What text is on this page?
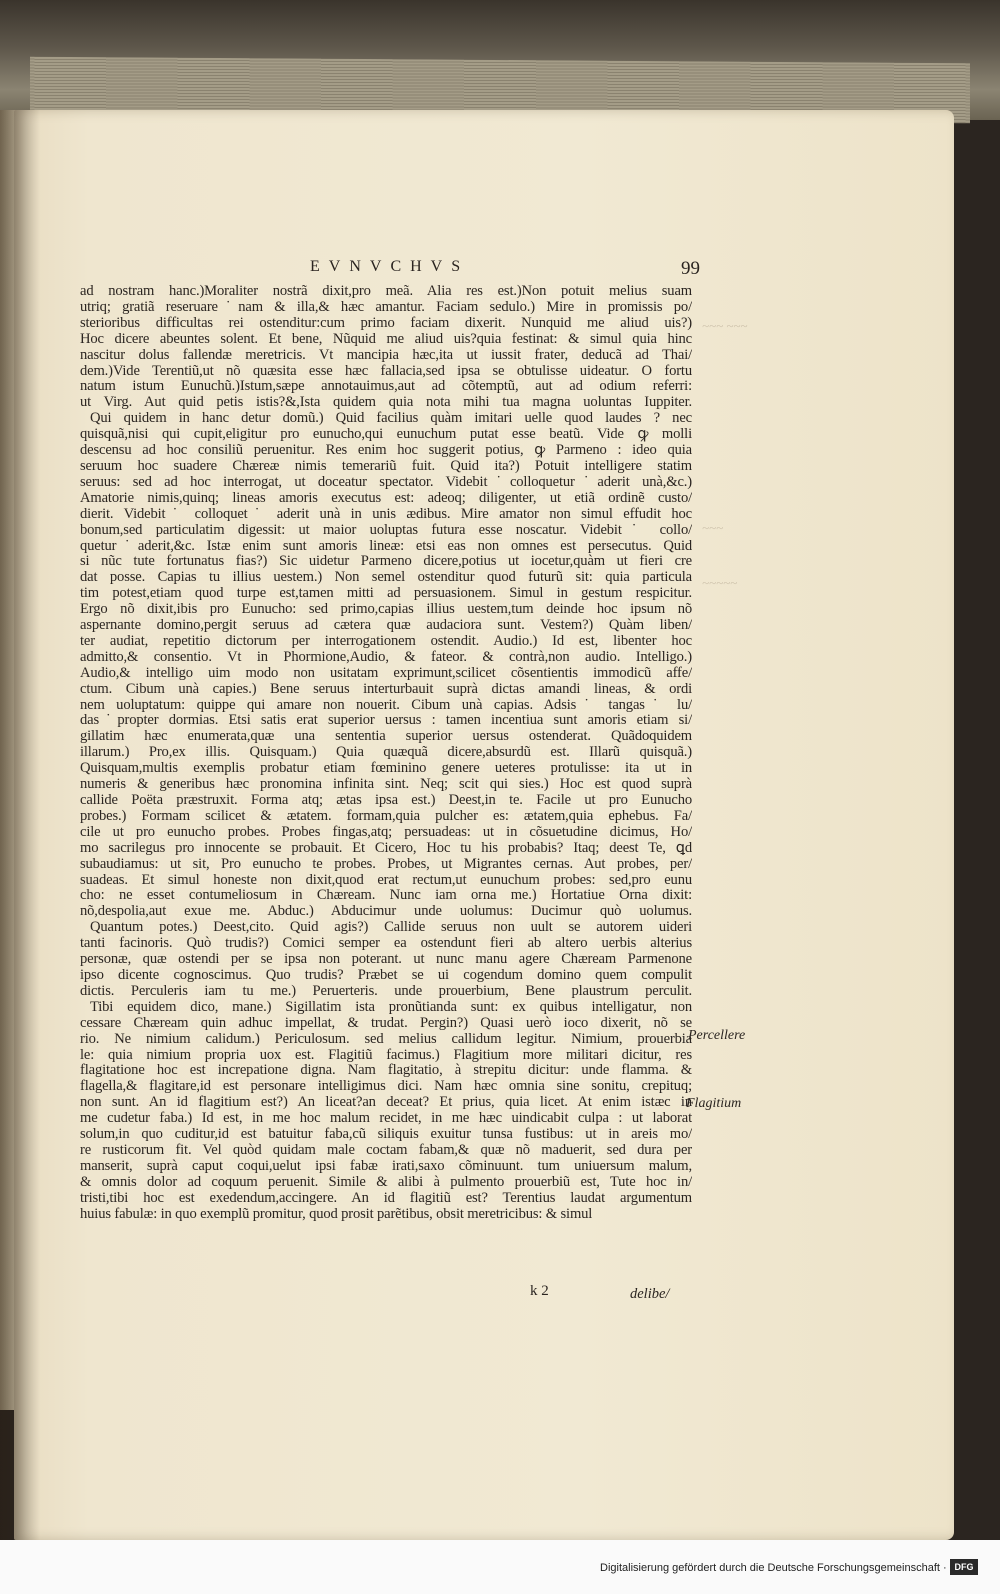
EVNVCHVS	99
ad nostram hanc.)Moraliter nostrã dixit,pro meã. Alia res est.)Non potuit melius suam
utriq; gratiã reseruare˙nam & illa,& hæc amantur. Faciam sedulo.) Mire in promissis po/
sterioribus difficultas rei ostenditur:cum primo faciam dixerit. Nunquid me aliud uis?)
Hoc dicere abeuntes solent. Et bene, Nũquid me aliud uis?quia festinat: & simul quia hinc
nascitur dolus fallendæ meretricis. Vt mancipia hæc,ita ut iussit frater, deducã ad Thai/
dem.)Vide Terentiũ,ut nõ quæsita esse hæc fallacia,sed ipsa se obtulisse uideatur. O fortu
natum istum Eunuchũ.)Istum,sæpe annotauimus,aut ad cõtemptũ, aut ad odium referri:
ut Virg. Aut quid petis istis?&,Ista quidem quia nota mihi tua magna uoluntas Iuppiter.
Qui quidem in hanc detur domũ.) Quid facilius quàm imitari uelle quod laudes ? nec
quisquã,nisi qui cupit,eligitur pro eunucho,qui eunuchum putat esse beatũ. Vide ꝙ molli
descensu ad hoc consiliũ peruenitur. Res enim hoc suggerit potius, ꝙ Parmeno : ideo quia
seruum hoc suadere Chæreæ nimis temerariũ fuit. Quid ita?) Potuit intelligere statim
seruus: sed ad hoc interrogat, ut doceatur spectator. Videbit˙colloquetur˙aderit unà,&c.)
Amatorie nimis,quinq; lineas amoris executus est: adeoq; diligenter, ut etiã ordinẽ custo/
dierit. Videbit˙ colloquet˙ aderit unà in unis ædibus. Mire amator non simul effudit hoc
bonum,sed particulatim digessit: ut maior uoluptas futura esse noscatur. Videbit˙ collo/
quetur˙aderit,&c. Istæ enim sunt amoris lineæ: etsi eas non omnes est persecutus. Quid
si nũc tute fortunatus fias?) Sic uidetur Parmeno dicere,potius ut iocetur,quàm ut fieri cre
dat posse. Capias tu illius uestem.) Non semel ostenditur quod futurũ sit: quia particula
tim potest,etiam quod turpe est,tamen mitti ad persuasionem. Simul in gestum respicitur.
Ergo nõ dixit,ibis pro Eunucho: sed primo,capias illius uestem,tum deinde hoc ipsum nõ
aspernante domino,pergit seruus ad cætera quæ audaciora sunt. Vestem?) Quàm liben/
ter audiat, repetitio dictorum per interrogationem ostendit. Audio.) Id est, libenter hoc
admitto,& consentio. Vt in Phormione,Audio, & fateor. & contrà,non audio. Intelligo.)
Audio,& intelligo uim modo non usitatam exprimunt,scilicet cõsentientis immodicũ affe/
ctum. Cibum unà capies.) Bene seruus interturbauit suprà dictas amandi lineas, & ordi
nem uoluptatum: quippe qui amare non nouerit. Cibum unà capias. Adsis˙ tangas˙ lu/
das˙propter dormias. Etsi satis erat superior uersus : tamen incentiua sunt amoris etiam si/
gillatim hæc enumerata,quæ una sententia superior uersus ostenderat. Quãdoquidem
illarum.) Pro,ex illis. Quisquam.) Quia quæquã dicere,absurdũ est. Illarũ quisquã.)
Quisquam,multis exemplis probatur etiam fœminino genere ueteres protulisse: ita ut in
numeris & generibus hæc pronomina infinita sint. Neq; scit qui sies.) Hoc est quod suprà
callide Poëta præstruxit. Forma atq; ætas ipsa est.) Deest,in te. Facile ut pro Eunucho
probes.) Formam scilicet & ætatem. formam,quia pulcher es: ætatem,quia ephebus. Fa/
cile ut pro eunucho probes. Probes fingas,atq; persuadeas: ut in cõsuetudine dicimus, Ho/
mo sacrilegus pro innocente se probauit. Et Cicero, Hoc tu his probabis? Itaq; deest Te, ꝗd
subaudiamus: ut sit, Pro eunucho te probes. Probes, ut Migrantes cernas. Aut probes, per/
suadeas. Et simul honeste non dixit,quod erat rectum,ut eunuchum probes: sed,pro eunu
cho: ne esset contumeliosum in Chæream. Nunc iam orna me.) Hortatiue Orna dixit:
nõ,despolia,aut exue me. Abduc.) Abducimur unde uolumus: Ducimur quò uolumus.
Quantum potes.) Deest,cito. Quid agis?) Callide seruus non uult se autorem uideri
tanti facinoris. Quò trudis?) Comici semper ea ostendunt fieri ab altero uerbis alterius
personæ, quæ ostendi per se ipsa non poterant. ut nunc manu agere Chæream Parmenone
ipso dicente cognoscimus. Quo trudis? Præbet se ui cogendum domino quem compulit
dictis. Perculeris iam tu me.) Peruerteris. unde prouerbium, Bene plaustrum perculit.
Tibi equidem dico, mane.) Sigillatim ista pronũtianda sunt: ex quibus intelligatur, non
cessare Chæream quin adhuc impellat, & trudat. Pergin?) Quasi uerò ioco dixerit, nõ se
rio. Ne nimium calidum.) Periculosum. sed melius callidum legitur. Nimium, prouerbia
le: quia nimium propria uox est. Flagitiũ facimus.) Flagitium more militari dicitur, res
flagitatione hoc est increpatione digna. Nam flagitatio, à strepitu dicitur: unde flamma. &
flagella,& flagitare,id est personare intelligimus dici. Nam hæc omnia sine sonitu, crepituq;
non sunt. An id flagitium est?) An liceat?an deceat? Et prius, quia licet. At enim istæc in
me cudetur faba.) Id est, in me hoc malum recidet, in me hæc uindicabit culpa : ut laborat
solum,in quo cuditur,id est batuitur faba,cũ siliquis exuitur tunsa fustibus: ut in areis mo/
re rusticorum fit. Vel quòd quidam male coctam fabam,& quæ nõ maduerit, sed dura per
manserit, suprà caput coqui,uelut ipsi fabæ irati,saxo cõminuunt. tum uniuersum malum,
& omnis dolor ad coquum peruenit. Simile & alibi à pulmento prouerbiũ est, Tute hoc in/
tristi,tibi hoc est exedendum,accingere. An id flagitiũ est? Terentius laudat argumentum
huius fabulæ: in quo exemplũ promitur, quod prosit parẽtibus, obsit meretricibus: & simul
~~~ ~~~
~~~
~~~~~
Percellere
Flagitium
k 2	delibe/
Digitalisierung gefördert durch die Deutsche Forschungsgemeinschaft · DFG
